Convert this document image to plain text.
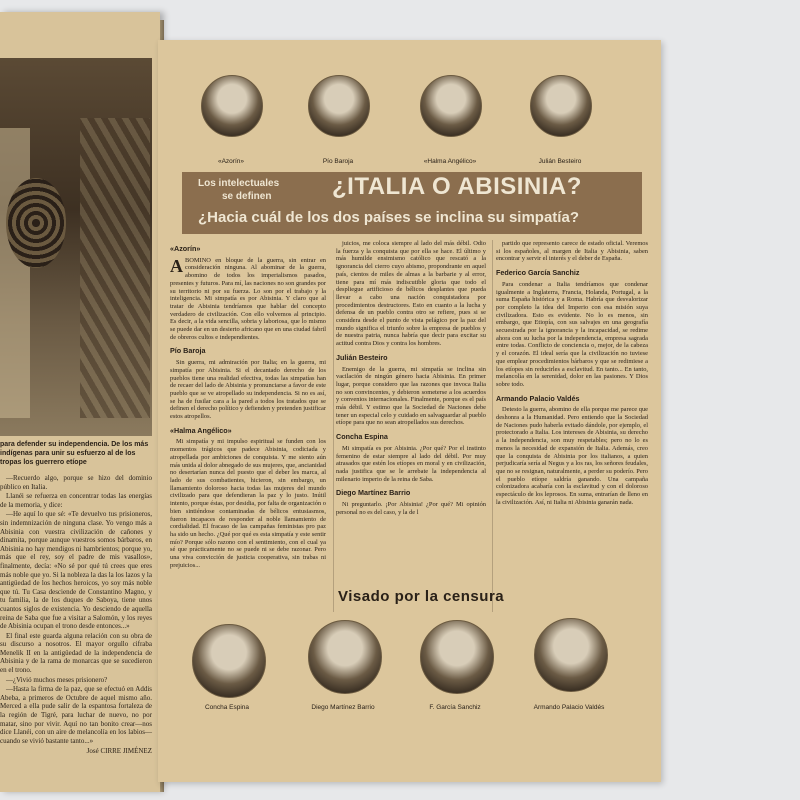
para defender su independencia. De los más indígenas para unir su esfuerzo al de los tropas los guerrero etíope

—Recuerdo algo, porque se hizo del dominio público en Italia.

Llanéi se refuerza en concentrar todas las energías de la memoria, y dice:

—He aquí lo que sé: «Te devuelvo tus prisioneros, sin indemnización de ninguna clase. Yo vengo más a Abisinia con vuestra civilización de cañones y dinamita, porque aunque vuestros somos bárbaros, en Abisinia no hay mendigos ni hambrientos; porque yo, más que el rey, soy el padre de mis vasallos», finalmente, decía: «No sé por qué tú crees que eres más noble que yo. Si la nobleza la das la los lazos y la antigüedad de los hechos heroicos, yo soy más noble que tú. Tu Casa desciende de Constantino Magno, y tu familia, la de los duques de Saboya, tiene unos cuantos siglos de existencia. Yo desciendo de aquella reina de Saba que fue a visitar a Salomón, y los reyes de Abisinia ocupan el trono desde entonces...»

El final este guarda alguna relación con su obra de su discurso a nosotros. El mayor orgullo cifraba Menelik II en la antigüedad de la independencia de Abisinia y de la rama de monarcas que se sucedieron en el trono.

—¿Vivió muchos meses prisionero?

—Hasta la firma de la paz, que se efectuó en Addis Abeba, a primeros de Octubre de aquel mismo año. Merced a ella pude salir de la espantosa fortaleza de la región de Tigré, para luchar de nuevo, no por matar, sino por vivir. Aquí no tan bonito crear—nos dice Llanéi, con un aire de melancolía en los labios—cuando se vivió bastante tanto...»

José CIRRE JIMÉNEZ
«Azorín»	Pío Baroja	«Halma Angélico»	Julián Besteiro
Los intelectuales
se definen	¿ITALIA O ABISINIA?
¿Hacia cuál de los dos países se inclina su simpatía?
«Azorín»

ABOMINO en bloque de la guerra, sin entrar en consideración ninguna. Al abominar de la guerra, abomino de todos los imperialismos pasados, presentes y futuros. Para mí, las naciones no son grandes por su territorio ni por su fuerza. Lo son por el trabajo y la inteligencia. Mi simpatía es por Abisinia. Y claro que al tratar de Abisinia tendríamos que hablar del concepto verdadero de civilización. Con ello volvemos al principio. Es decir, a la vida sencilla, sobria y laboriosa, que lo mismo se puede dar en un desierto africano que en una ciudad fabril de obreros cultos e independientes.

Pío Baroja

Sin guerra, mi admiración por Italia; en la guerra, mi simpatía por Abisinia. Si el decantado derecho de los pueblos tiene una realidad efectiva, todas las simpatías han de recaer del lado de Abisinia y pronunciarse a favor de este pueblo que se ve atropellado su independencia. Si no es así, se ha de fusilar cara a la pared a todos los tratados que se definen el derecho político y defienden y pretenden justificar estos atropellos.

«Halma Angélico»

Mi simpatía y mi impulso espiritual se funden con los momentos trágicos que padece Abisinia, codiciada y atropellada por ambiciones de conquista. Y me siento aún más unida al dolor abnegado de sus mujeres, que, ancianidad no desertarían nunca del puesto que el deber les marca, al lado de sus combatientes, hicieron, sin embargo, un llamamiento doloroso hacia todas las mujeres del mundo civilizado para que defendieran la paz y lo justo. Inútil intento, porque éstas, por desidia, por falta de organización o bien sintiéndose contaminadas de bélicos entusiasmos, fueron incapaces de responder al noble llamamiento de cordialidad. El fracaso de las campañas feministas pro paz ha sido un hecho. ¿Qué por qué es esta simpatía y este sentir mío? Porque sólo razono con el sentimiento, con el cual ya sé que prácticamente no se puede ni se debe razonar. Pero una viva convicción de justicia cooperativa, sin trabas ni prejuicios...

juicios, me coloca siempre al lado del más débil. Odio la fuerza y la conquista que por ella se hace. El último y más humilde ensimismo católico que rescató a la ignorancia del cierro cuyo abismo, propondrante en aquel país, cientos de miles de almas a la barbarie y al error, tiene para mí más indiscutible gloria que todo el despliegue artificioso de bélicos desplantes que pueda llevar a cabo una nación conquistadora por procedimientos destructores. Esto en cuanto a la lucha y defensa de un pueblo contra otro se refiere, pues si se considera desde el punto de vista pelágico por la paz del mundo significa el triunfo sobre la empresa de pueblos y de nuestra patria, nunca habría que decir para excitar su actitud contra Dios y contra los hombres.

Julián Besteiro

Enemigo de la guerra, mi simpatía se inclina sin vacilación de ningún género hacia Abisinia. En primer lugar, porque considero que las razones que invoca Italia no son convincentes, y debieron someterse a los acuerdos y convenios internacionales. Finalmente, porque es el país más débil. Y estimo que la Sociedad de Naciones debe tener un especial celo y cuidado en salvaguardar al pueblo etíope para que no sean atropellados sus derechos.

Concha Espina

Mi simpatía es por Abisinia. ¿Por qué? Por el instinto femenino de estar siempre al lado del débil. Por muy atrasados que estén los etíopes en moral y en civilización, nada justifica que se le arrebate la independencia al milenario imperio de la reina de Saba.

Diego Martínez Barrio

Ni preguntarlo. ¡Por Abisinia! ¿Por qué? Mi opinión personal no es del caso, y la de l

partido que represento carece de estado oficial. Veremos si los españoles, al margen de Italia y Abisinia, saben encontrar y servir el interés y el deber de España.

Federico García Sanchiz

Para condenar a Italia tendríamos que condenar igualmente a Inglaterra, Francia, Holanda, Portugal, a la suma España histórica y a Roma. Habría que desvalorizar por completo la idea del Imperio con esa misión suya civilizadora. Esto es evidente. No lo es menos, sin embargo, que Etiopía, con sus salvajes en una geografía secuestrada por la ignorancia y la incapacidad, se redime ahora con su lucha por la independencia, empresa sagrada entre todas. Conflicto de conciencia o, mejor, de la cabeza y el corazón. El ideal sería que la civilización no tuviese que emplear procedimientos bárbaros y que se redimiese a los etíopes sin reducirles a esclavitud. En tanto... En tanto, melancolía en la serenidad, dolor en las pasiones. Y Dios sobre todo.

Armando Palacio Valdés

Detesto la guerra, abomino de ella porque me parece que deshonra a la Humanidad. Pero entiendo que la Sociedad de Naciones pudo haberla evitado dándole, por ejemplo, el protectorado a Italia. Los intereses de Abisinia, su derecho a la independencia, son muy respetables; pero no lo es menos la necesidad de expansión de Italia. Además, creo que la conquista de Abisinia por los italianos, a quien perjudicaría sería al Negus y a los ras, los señores feudales, que no se resignan, naturalmente, a perder su poderío. Pero el pueblo etíope saldría ganando. Una campaña colonizadora acabaría con la esclavitud y con el doloroso espectáculo de los leprosos. En suma, entrarían de lleno en la civilización. Así, ni Italia ni Abisinia ganarán nada.

Visado por la censura
Concha Espina	Diego Martínez Barrio	F. García Sanchiz	Armando Palacio Valdés
